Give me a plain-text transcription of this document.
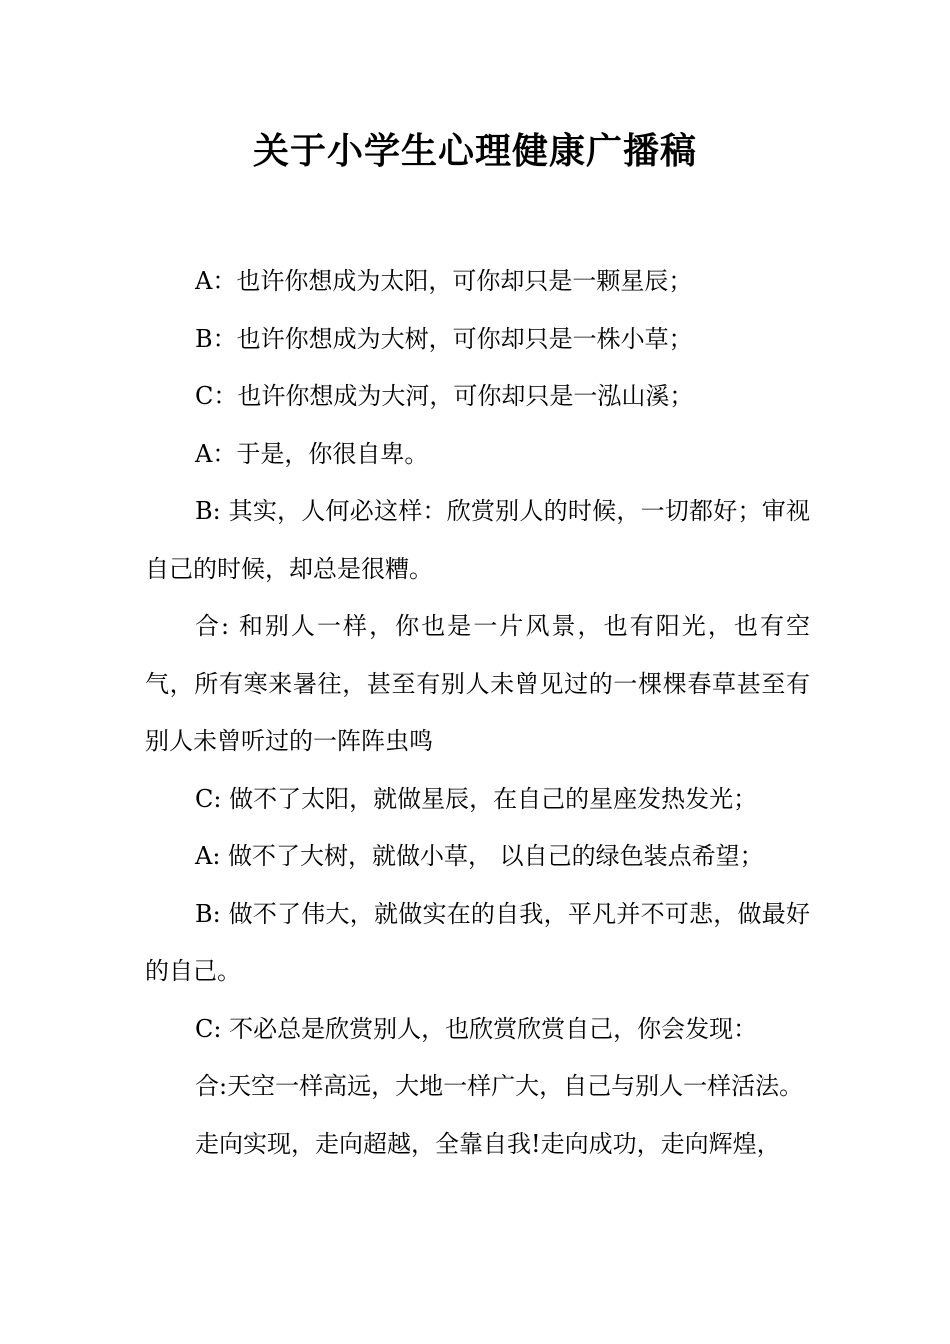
关于小学生心理健康广播稿

A：也许你想成为太阳，可你却只是一颗星辰；

B：也许你想成为大树，可你却只是一株小草；

C：也许你想成为大河，可你却只是一泓山溪；

A：于是，你很自卑。

B: 其实，人何必这样：欣赏别人的时候，一切都好；审视自己的时候，却总是很糟。

合: 和别人一样，你也是一片风景，也有阳光，也有空气，所有寒来暑往，甚至有别人未曾见过的一棵棵春草甚至有别人未曾听过的一阵阵虫鸣

C: 做不了太阳，就做星辰，在自己的星座发热发光；

A: 做不了大树，就做小草， 以自己的绿色装点希望；

B: 做不了伟大，就做实在的自我，平凡并不可悲，做最好的自己。

C: 不必总是欣赏别人，也欣赏欣赏自己，你会发现：

合:天空一样高远，大地一样广大，自己与别人一样活法。

走向实现，走向超越，全靠自我!走向成功，走向辉煌，
